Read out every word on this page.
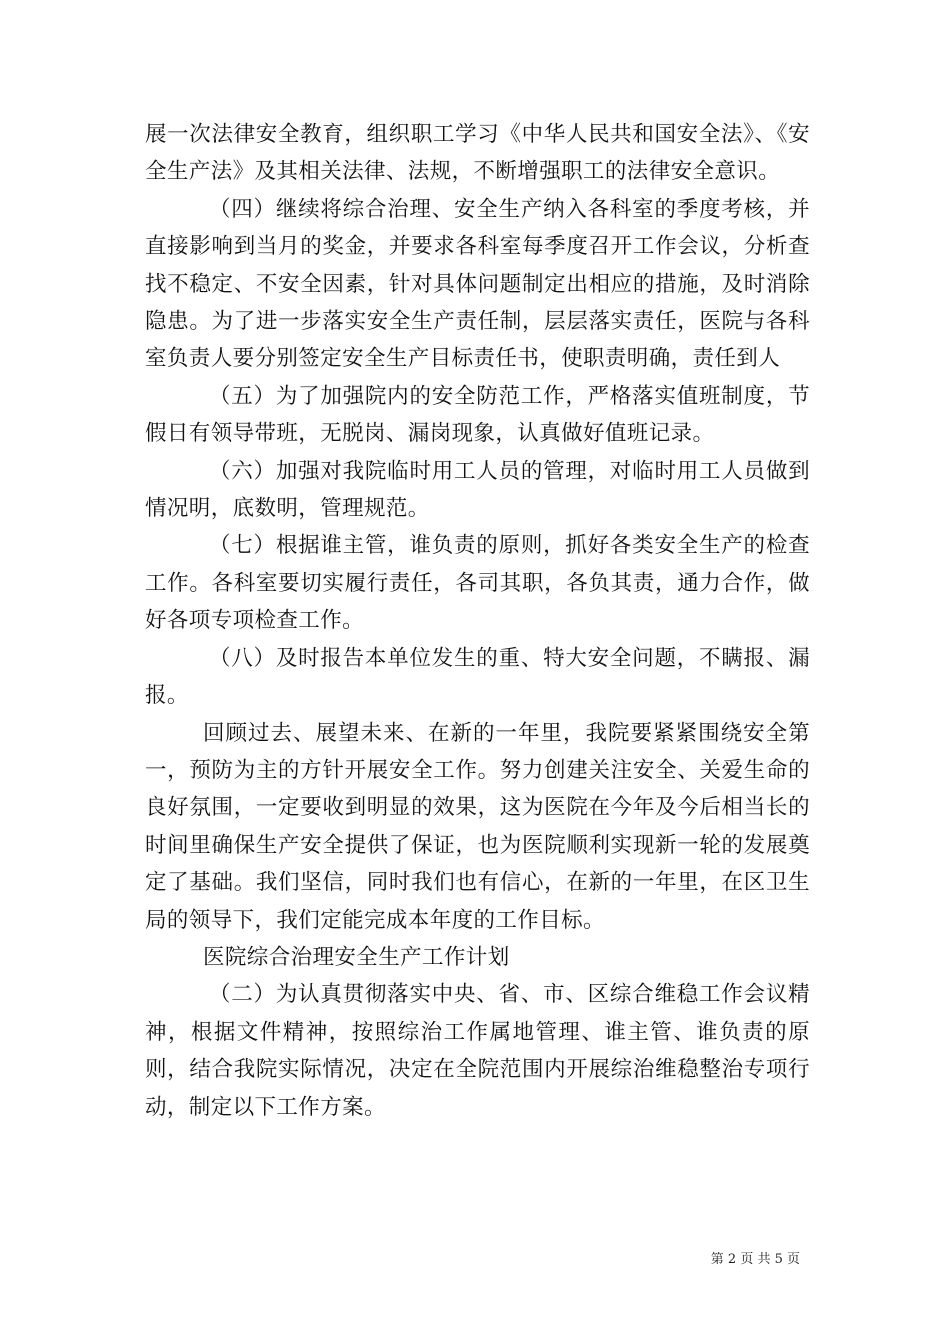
展一次法律安全教育，组织职工学习《中华人民共和国安全法》、《安全生产法》及其相关法律、法规，不断增强职工的法律安全意识。

（四）继续将综合治理、安全生产纳入各科室的季度考核，并直接影响到当月的奖金，并要求各科室每季度召开工作会议，分析查找不稳定、不安全因素，针对具体问题制定出相应的措施，及时消除隐患。为了进一步落实安全生产责任制，层层落实责任，医院与各科室负责人要分别签定安全生产目标责任书，使职责明确，责任到人

（五）为了加强院内的安全防范工作，严格落实值班制度，节假日有领导带班，无脱岗、漏岗现象，认真做好值班记录。

（六）加强对我院临时用工人员的管理，对临时用工人员做到情况明，底数明，管理规范。

（七）根据谁主管，谁负责的原则，抓好各类安全生产的检查工作。各科室要切实履行责任，各司其职，各负其责，通力合作，做好各项专项检查工作。

（八）及时报告本单位发生的重、特大安全问题，不瞒报、漏报。

回顾过去、展望未来、在新的一年里，我院要紧紧围绕安全第一，预防为主的方针开展安全工作。努力创建关注安全、关爱生命的良好氛围，一定要收到明显的效果，这为医院在今年及今后相当长的时间里确保生产安全提供了保证，也为医院顺利实现新一轮的发展奠定了基础。我们坚信，同时我们也有信心，在新的一年里，在区卫生局的领导下，我们定能完成本年度的工作目标。

医院综合治理安全生产工作计划

（二）为认真贯彻落实中央、省、市、区综合维稳工作会议精神，根据文件精神，按照综治工作属地管理、谁主管、谁负责的原则，结合我院实际情况，决定在全院范围内开展综治维稳整治专项行动，制定以下工作方案。

第 2 页 共 5 页
